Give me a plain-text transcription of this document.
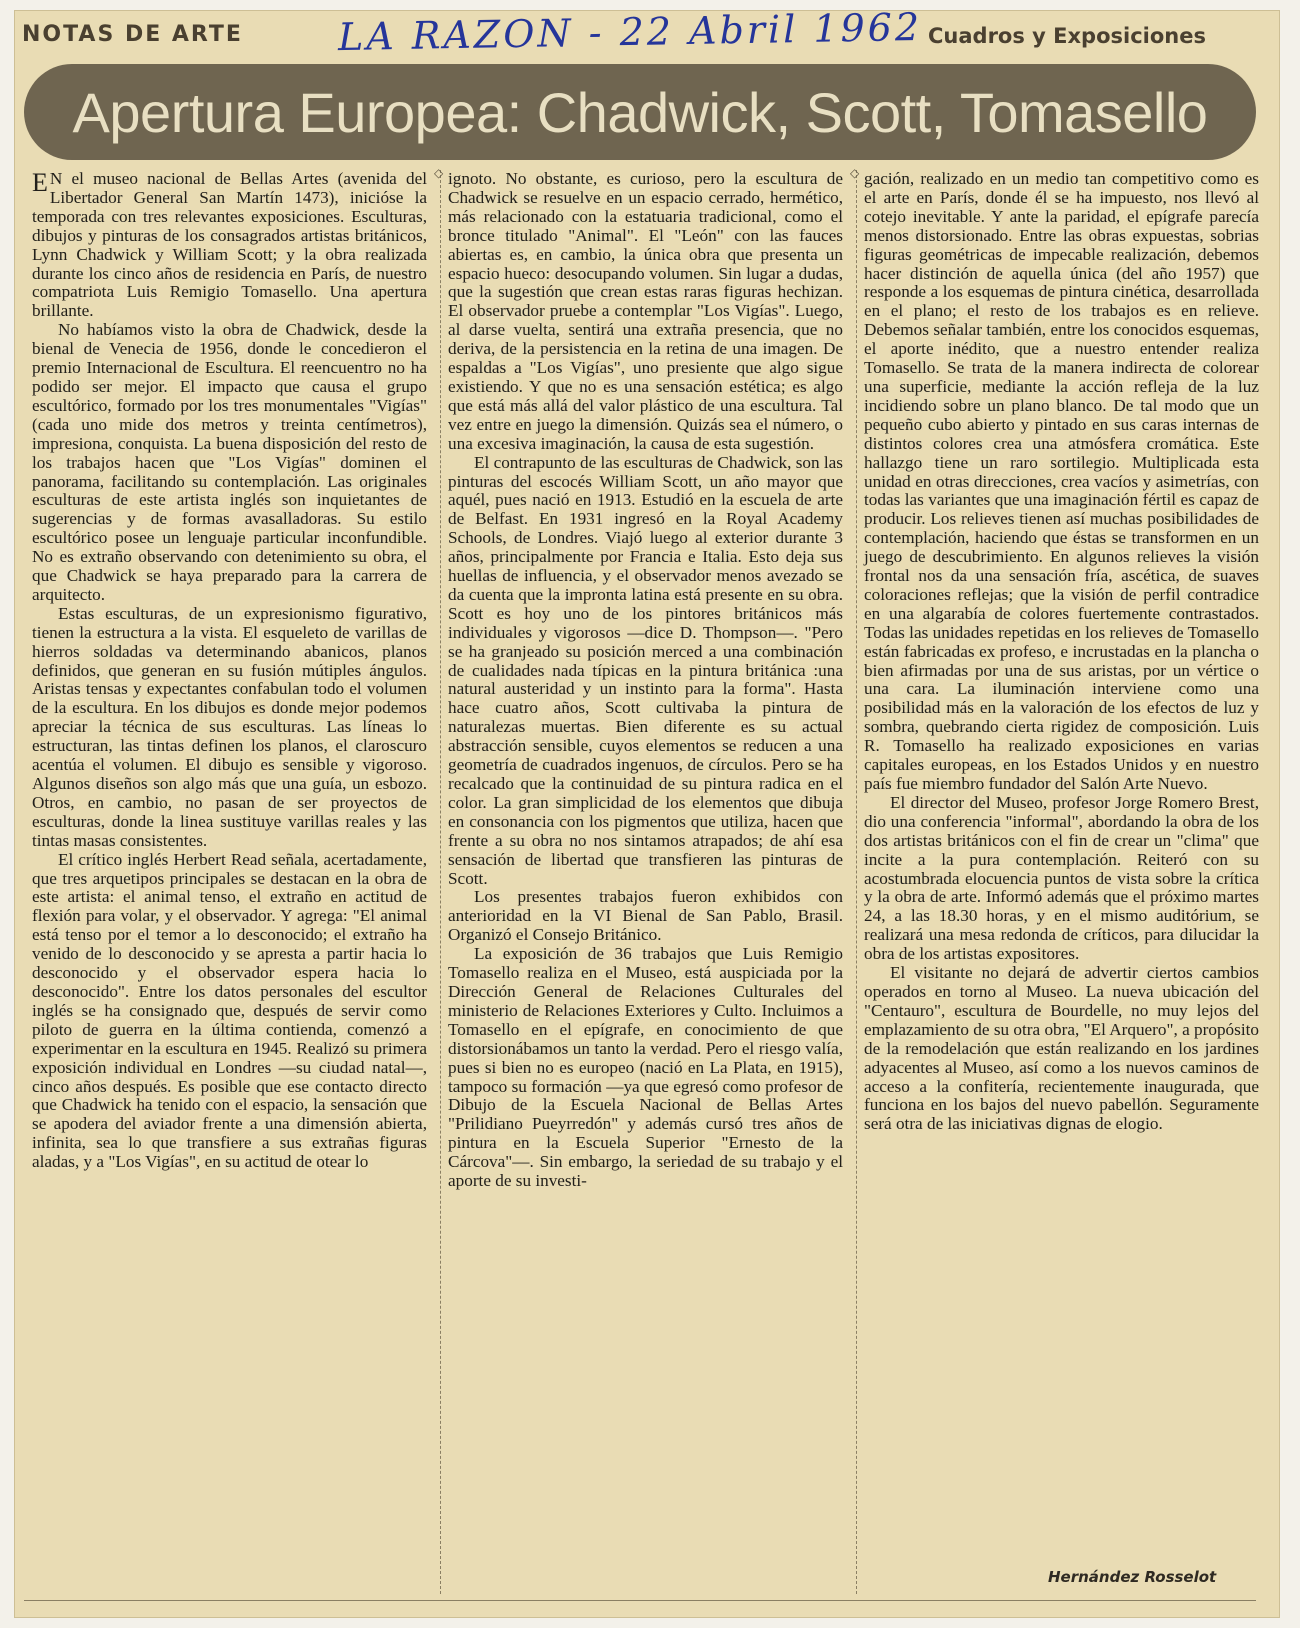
NOTAS DE ARTE LA RAZON - 22 Abril 1962 Cuadros y Exposiciones
Apertura Europea: Chadwick, Scott, Tomasello
◇	◇

E N el museo nacional de Bellas Artes (avenida del Libertador General San Martín 1473), iniciósе la temporada con tres relevantes exposiciones. Esculturas, dibujos y pinturas de los consagrados artistas británicos, Lynn Chadwick y William Scott; y la obra realizada durante los cinco años de residencia en París, de nuestro compatriota Luis Remigio Tomasello. Una apertura brillante.

No habíamos visto la obra de Chadwick, desde la bienal de Venecia de 1956, donde le concedieron el premio Internacional de Escultura. El reencuentro no ha podido ser mejor. El impacto que causa el grupo escultórico, formado por los tres monumentales "Vigías" (cada uno mide dos metros y treinta centímetros), impresiona, conquista. La buena disposición del resto de los trabajos hacen que "Los Vigías" dominen el panorama, facilitando su contemplación. Las originales esculturas de este artista inglés son inquietantes de sugerencias y de formas avasalladoras. Su estilo escultórico posee un lenguaje particular inconfundible. No es extraño observando con detenimiento su obra, el que Chadwick se haya preparado para la carrera de arquitecto.

Estas esculturas, de un expresionismo figurativo, tienen la estructura a la vista. El esqueleto de varillas de hierros soldadas va determinando abanicos, planos definidos, que generan en su fusión mútiples ángulos. Aristas tensas y expectantes confabulan todo el volumen de la escultura. En los dibujos es donde mejor podemos apreciar la técnica de sus esculturas. Las líneas lo estructuran, las tintas definen los planos, el claroscuro acentúa el volumen. El dibujo es sensible y vigoroso. Algunos diseños son algo más que una guía, un esbozo. Otros, en cambio, no pasan de ser proyectos de esculturas, donde la linea sustituye varillas reales y las tintas masas consistentes.

El crítico inglés Herbert Read señala, acertadamente, que tres arquetipos principales se destacan en la obra de este artista: el animal tenso, el extraño en actitud de flexión para volar, y el observador. Y agrega: "El animal está tenso por el temor a lo desconocido; el extraño ha venido de lo desconocido y se apresta a partir hacia lo desconocido y el observador espera hacia lo desconocido". Entre los datos personales del escultor inglés se ha consignado que, después de servir como piloto de guerra en la última contienda, comenzó a experimentar en la escultura en 1945. Realizó su primera exposición individual en Londres —su ciudad natal—, cinco años después. Es posible que ese contacto directo que Chadwick ha tenido con el espacio, la sensación que se apodera del aviador frente a una dimensión abierta, infinita, sea lo que transfiere a sus extrañas figuras aladas, y a "Los Vigías", en su actitud de otear lo

ignoto. No obstante, es curioso, pero la escultura de Chadwick se resuelve en un espacio cerrado, hermético, más relacionado con la estatuaria tradicional, como el bronce titulado "Animal". El "León" con las fauces abiertas es, en cambio, la única obra que presenta un espacio hueco: desocupando volumen. Sin lugar a dudas, que la sugestión que crean estas raras figuras hechizan. El observador pruebe a contemplar "Los Vigías". Luego, al darse vuelta, sentirá una extraña presencia, que no deriva, de la persistencia en la retina de una imagen. De espaldas a "Los Vigías", uno presiente que algo sigue existiendo. Y que no es una sensación estética; es algo que está más allá del valor plástico de una escultura. Tal vez entre en juego la dimensión. Quizás sea el número, o una excesiva imaginación, la causa de esta sugestión.

El contrapunto de las esculturas de Chadwick, son las pinturas del escocés William Scott, un año mayor que aquél, pues nació en 1913. Estudió en la escuela de arte de Belfast. En 1931 ingresó en la Royal Academy Schools, de Londres. Viajó luego al exterior durante 3 años, principalmente por Francia e Italia. Esto deja sus huellas de influencia, y el observador menos avezado se da cuenta que la impronta latina está presente en su obra. Scott es hoy uno de los pintores británicos más individuales y vigorosos —dice D. Thompson—. "Pero se ha granjeado su posición merced a una combinación de cualidades nada típicas en la pintura británica :una natural austeridad y un instinto para la forma". Hasta hace cuatro años, Scott cultivaba la pintura de naturalezas muertas. Bien diferente es su actual abstracción sensible, cuyos elementos se reducen a una geometría de cuadrados ingenuos, de círculos. Pero se ha recalcado que la continuidad de su pintura radica en el color. La gran simplicidad de los elementos que dibuja en consonancia con los pigmentos que utiliza, hacen que frente a su obra no nos sintamos atrapados; de ahí esa sensación de libertad que transfieren las pinturas de Scott.

Los presentes trabajos fueron exhibidos con anterioridad en la VI Bienal de San Pablo, Brasil. Organizó el Consejo Británico.

La exposición de 36 trabajos que Luis Remigio Tomasello realiza en el Museo, está auspiciada por la Dirección General de Relaciones Culturales del ministerio de Relaciones Exteriores y Culto. Incluimos a Tomasello en el epígrafe, en conocimiento de que distorsionábamos un tanto la verdad. Pero el riesgo valía, pues si bien no es europeo (nació en La Plata, en 1915), tampoco su formación —ya que egresó como profesor de Dibujo de la Escuela Nacional de Bellas Artes "Prilidiano Pueyrredón" y además cursó tres años de pintura en la Escuela Superior "Ernesto de la Cárcova"—. Sin embargo, la seriedad de su trabajo y el aporte de su investi-

gación, realizado en un medio tan competitivo como es el arte en París, donde él se ha impuesto, nos llevó al cotejo inevitable. Y ante la paridad, el epígrafe parecía menos distorsionado. Entre las obras expuestas, sobrias figuras geométricas de impecable realización, debemos hacer distinción de aquella única (del año 1957) que responde a los esquemas de pintura cinética, desarrollada en el plano; el resto de los trabajos es en relieve. Debemos señalar también, entre los conocidos esquemas, el aporte inédito, que a nuestro entender realiza Tomasello. Se trata de la manera indirecta de colorear una superficie, mediante la acción refleja de la luz incidiendo sobre un plano blanco. De tal modo que un pequeño cubo abierto y pintado en sus caras internas de distintos colores crea una atmósfera cromática. Este hallazgo tiene un raro sortilegio. Multiplicada esta unidad en otras direcciones, crea vacíos y asimetrías, con todas las variantes que una imaginación fértil es capaz de producir. Los relieves tienen así muchas posibilidades de contemplación, haciendo que éstas se transformen en un juego de descubrimiento. En algunos relieves la visión frontal nos da una sensación fría, ascética, de suaves coloraciones reflejas; que la visión de perfil contradice en una algarabía de colores fuertemente contrastados. Todas las unidades repetidas en los relieves de Tomasello están fabricadas ex profeso, e incrustadas en la plancha o bien afirmadas por una de sus aristas, por un vértice o una cara. La iluminación interviene como una posibilidad más en la valoración de los efectos de luz y sombra, quebrando cierta rigidez de composición. Luis R. Tomasello ha realizado exposiciones en varias capitales europeas, en los Estados Unidos y en nuestro país fue miembro fundador del Salón Arte Nuevo.

El director del Museo, profesor Jorge Romero Brest, dio una conferencia "informal", abordando la obra de los dos artistas británicos con el fin de crear un "clima" que incite a la pura contemplación. Reiteró con su acostumbrada elocuencia puntos de vista sobre la crítica y la obra de arte. Informó además que el próximo martes 24, a las 18.30 horas, y en el mismo auditórium, se realizará una mesa redonda de críticos, para dilucidar la obra de los artistas expositores.

El visitante no dejará de advertir ciertos cambios operados en torno al Museo. La nueva ubicación del "Centauro", escultura de Bourdelle, no muy lejos del emplazamiento de su otra obra, "El Arquero", a propósito de la remodelación que están realizando en los jardines adyacentes al Museo, así como a los nuevos caminos de acceso a la confitería, recientemente inaugurada, que funciona en los bajos del nuevo pabellón. Seguramente será otra de las iniciativas dignas de elogio.

Hernández Rosselot
